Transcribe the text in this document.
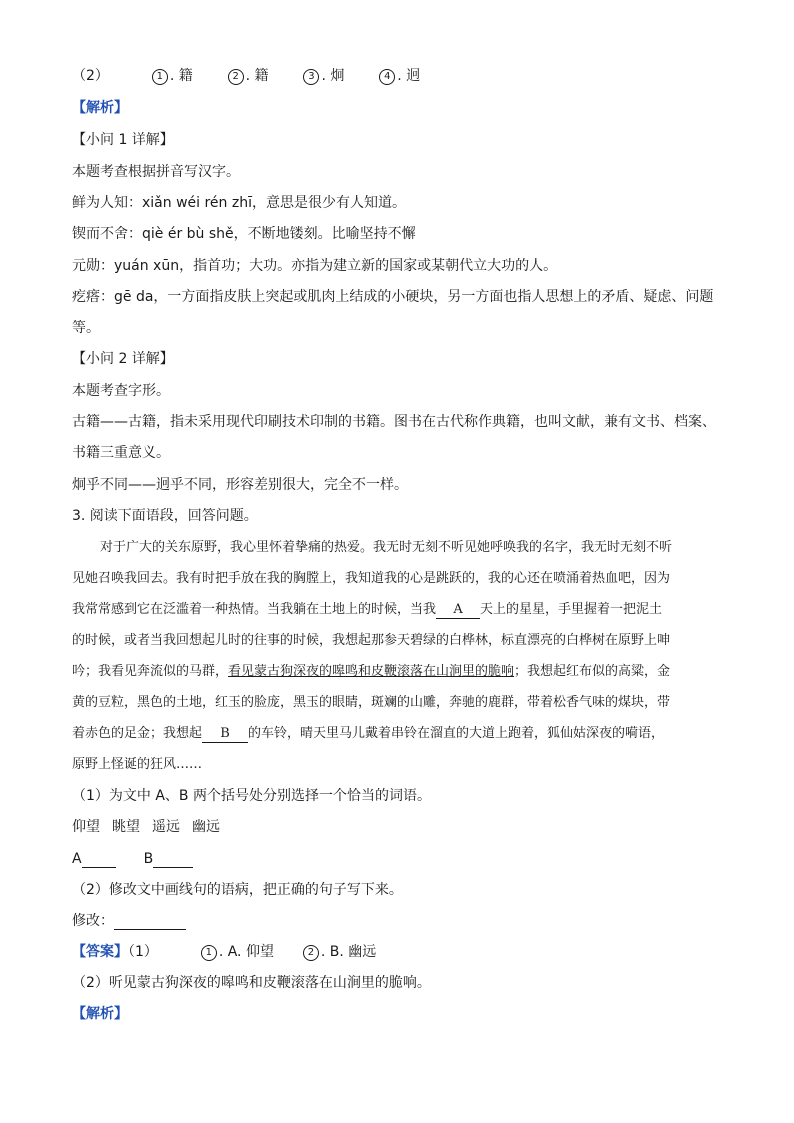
（2）	1 . 籍	2 . 籍	3 . 炯	4 . 迥
【解析】
【小问 1 详解】
本题考查根据拼音写汉字。
鲜为人知：xiǎn wéi rén zhī，意思是很少有人知道。
锲而不舍：qiè ér bù shě，不断地镂刻。比喻坚持不懈
元勋：yuán xūn，指首功；大功。亦指为建立新的国家或某朝代立大功的人。
疙瘩：gē da，一方面指皮肤上突起或肌肉上结成的小硬块，另一方面也指人思想上的矛盾、疑虑、问题
等。
【小问 2 详解】
本题考查字形。
古籍——古籍，指未采用现代印刷技术印制的书籍。图书在古代称作典籍，也叫文献，兼有文书、档案、
书籍三重意义。
炯乎不同——迥乎不同，形容差别很大，完全不一样。
3. 阅读下面语段，回答问题。
对于广大的关东原野，我心里怀着挚痛的热爱。我无时无刻不听见她呼唤我的名字，我无时无刻不听
见她召唤我回去。我有时把手放在我的胸膛上，我知道我的心是跳跃的，我的心还在喷涌着热血吧，因为
我常常感到它在泛滥着一种热情。当我躺在土地上的时候，当我 A 天上的星星，手里握着一把泥土
的时候，或者当我回想起儿时的往事的时候，我想起那参天碧绿的白桦林，标直漂亮的白桦树在原野上呻
吟；我看见奔流似的马群，看见蒙古狗深夜的嗥鸣和皮鞭滚落在山涧里的脆响；我想起红布似的高粱，金
黄的豆粒，黑色的土地，红玉的脸庞，黑玉的眼睛，斑斓的山雕，奔驰的鹿群，带着松香气味的煤块，带
着赤色的足金；我想起 B 的车铃，晴天里马儿戴着串铃在溜直的大道上跑着，狐仙姑深夜的嗬语，
原野上怪诞的狂风……
（1）为文中 A、B 两个括号处分别选择一个恰当的词语。
仰望 眺望 遥远 幽远
A	B
（2）修改文中画线句的语病，把正确的句子写下来。
修改：
【答案】（1）	1 . A. 仰望	2 . B. 幽远
（2）听见蒙古狗深夜的嗥鸣和皮鞭滚落在山涧里的脆响。
【解析】
